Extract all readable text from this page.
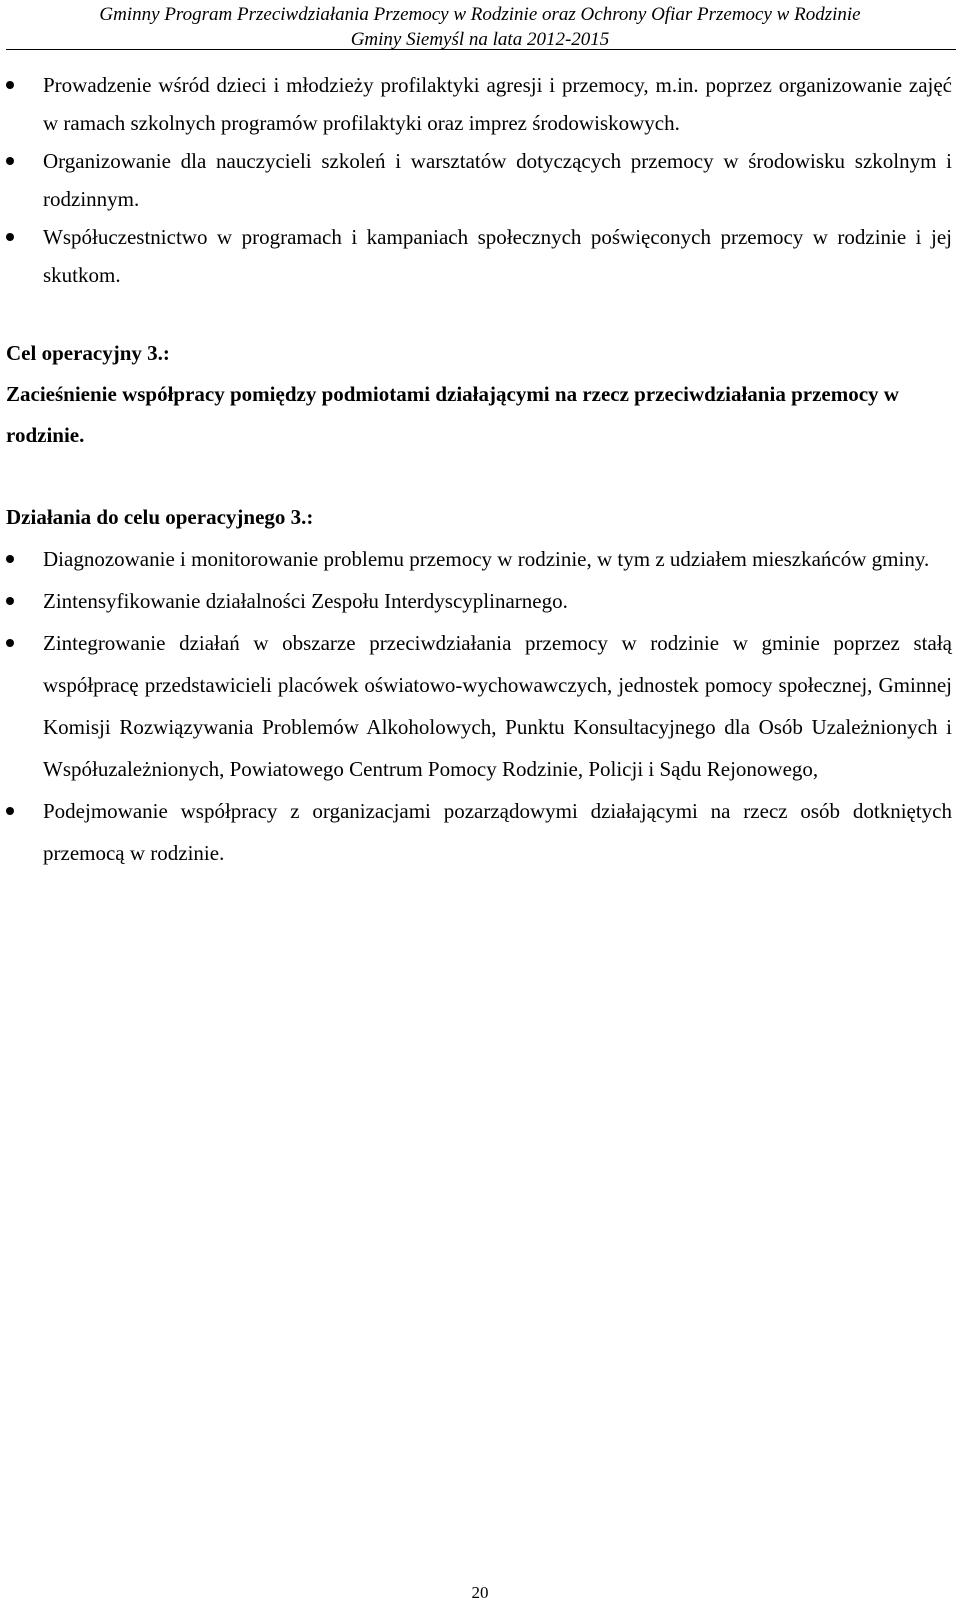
Gminny Program Przeciwdziałania Przemocy w Rodzinie oraz Ochrony Ofiar Przemocy w Rodzinie
Gminy Siemyśl na lata 2012-2015
Prowadzenie wśród dzieci i młodzieży profilaktyki agresji i przemocy, m.in. poprzez organizowanie zajęć w ramach szkolnych programów profilaktyki oraz imprez środowiskowych.
Organizowanie dla nauczycieli szkoleń i warsztatów dotyczących przemocy w środowisku szkolnym i rodzinnym.
Współuczestnictwo w programach i kampaniach społecznych poświęconych przemocy w rodzinie i jej skutkom.
Cel operacyjny 3.:
Zacieśnienie współpracy pomiędzy podmiotami działającymi na rzecz przeciwdziałania przemocy w rodzinie.
Działania do celu operacyjnego 3.:
Diagnozowanie i monitorowanie problemu przemocy w rodzinie, w tym z udziałem mieszkańców gminy.
Zintensyfikowanie działalności Zespołu Interdyscyplinarnego.
Zintegrowanie działań w obszarze przeciwdziałania przemocy w rodzinie w gminie poprzez stałą współpracę przedstawicieli placówek oświatowo-wychowawczych, jednostek pomocy społecznej, Gminnej Komisji Rozwiązywania Problemów Alkoholowych, Punktu Konsultacyjnego dla Osób Uzależnionych i Współuzależnionych, Powiatowego Centrum Pomocy Rodzinie, Policji i Sądu Rejonowego,
Podejmowanie współpracy z organizacjami pozarządowymi działającymi na rzecz osób dotkniętych przemocą w rodzinie.
20
